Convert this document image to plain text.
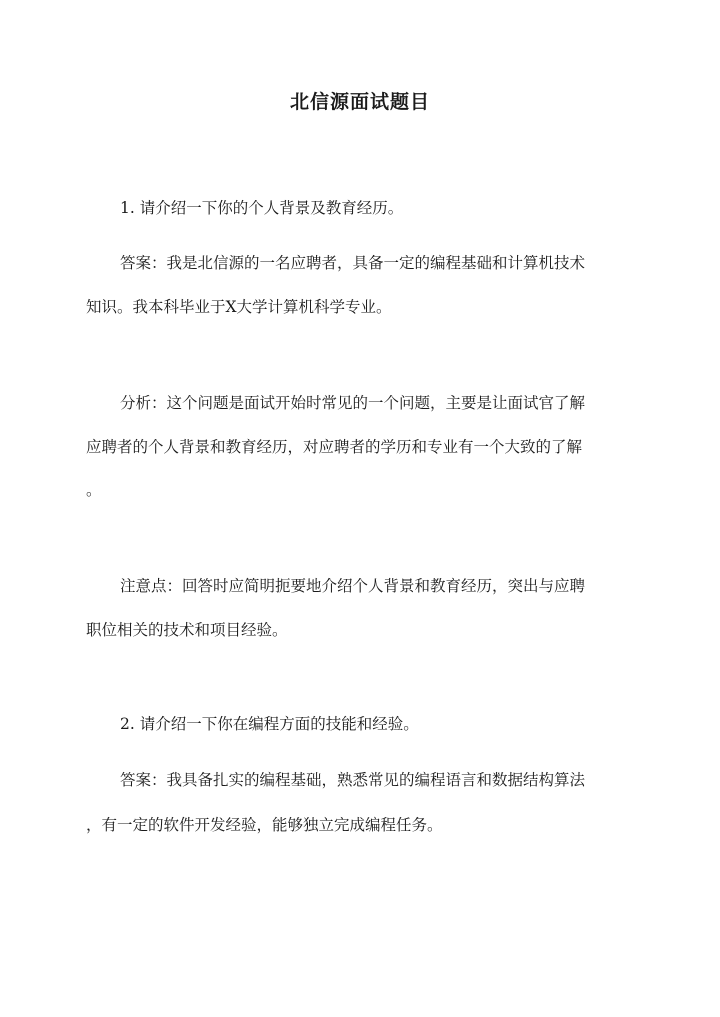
北信源面试题目
1. 请介绍一下你的个人背景及教育经历。
答案：我是北信源的一名应聘者，具备一定的编程基础和计算机技术
知识。我本科毕业于X大学计算机科学专业。
分析：这个问题是面试开始时常见的一个问题，主要是让面试官了解
应聘者的个人背景和教育经历，对应聘者的学历和专业有一个大致的了解
。
注意点：回答时应简明扼要地介绍个人背景和教育经历，突出与应聘
职位相关的技术和项目经验。
2. 请介绍一下你在编程方面的技能和经验。
答案：我具备扎实的编程基础，熟悉常见的编程语言和数据结构算法
，有一定的软件开发经验，能够独立完成编程任务。
